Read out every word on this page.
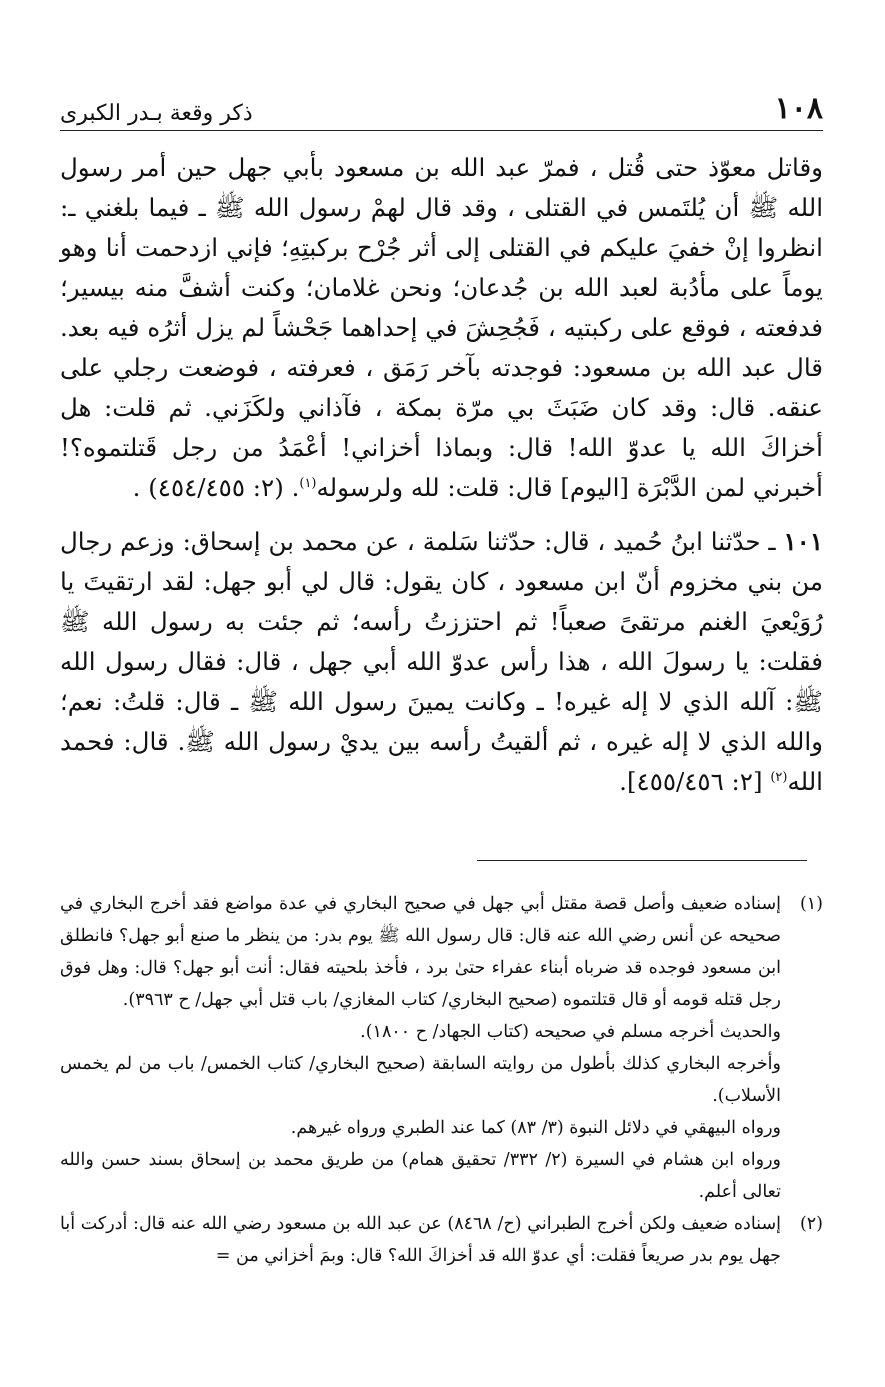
١٠٨
ذكر وقعة بـدر الكبرى

وقاتل معوّذ حتى قُتل ، فمرّ عبد الله بن مسعود بأبي جهل حين أمر رسول الله ﷺ أن يُلتَمس في القتلى ، وقد قال لهمْ رسول الله ﷺ ـ فيما بلغني ـ: انظروا إنْ خفيَ عليكم في القتلى إلى أثر جُرْح بركبتِهِ؛ فإني ازدحمت أنا وهو يوماً على مأدُبة لعبد الله بن جُدعان؛ ونحن غلامان؛ وكنت أشفَّ منه بيسير؛ فدفعته ، فوقع على ركبتيه ، فَجُحِشَ في إحداهما جَحْشاً لم يزل أثرُه فيه بعد. قال عبد الله بن مسعود: فوجدته بآخر رَمَق ، فعرفته ، فوضعت رجلي على عنقه. قال: وقد كان ضَبَثَ بي مرّة بمكة ، فآذاني ولكَزَني. ثم قلت: هل أخزاكَ الله يا عدوّ الله! قال: وبماذا أخزاني! أعْمَدُ من رجل قَتلتموه؟! أخبرني لمن الدَّبْرَة [اليوم] قال: قلت: لله ولرسوله$^{(١)}$. (٢: ٤٥٤/٤٥٥) .

١٠١ ـ حدّثنا ابنُ حُميد ، قال: حدّثنا سَلمة ، عن محمد بن إسحاق: وزعم رجال من بني مخزوم أنّ ابن مسعود ، كان يقول: قال لي أبو جهل: لقد ارتقيتَ يا رُوَيْعيَ الغنم مرتقىً صعباً! ثم احتززتُ رأسه؛ ثم جئت به رسول الله ﷺ فقلت: يا رسولَ الله ، هذا رأس عدوّ الله أبي جهل ، قال: فقال رسول الله ﷺ: آلله الذي لا إله غيره! ـ وكانت يمينَ رسول الله ﷺ ـ قال: قلتُ: نعم؛ والله الذي لا إله غيره ، ثم ألقيتُ رأسه بين يديْ رسول الله ﷺ. قال: فحمد الله$^{(٢)}$ [٢: ٤٥٥/٤٥٦].

(١)
إسناده ضعيف وأصل قصة مقتل أبي جهل في صحيح البخاري في عدة مواضع فقد أخرج البخاري في صحيحه عن أنس رضي الله عنه قال: قال رسول الله ﷺ يوم بدر: من ينظر ما صنع أبو جهل؟ فانطلق ابن مسعود فوجده قد ضرباه أبناء عفراء حتىٰ برد ، فأخذ بلحيته فقال: أنت أبو جهل؟ قال: وهل فوق رجل قتله قومه أو قال قتلتموه (صحيح البخاري/ كتاب المغازي/ باب قتل أبي جهل/ ح ٣٩٦٣).
والحديث أخرجه مسلم في صحيحه (كتاب الجهاد/ ح ١٨٠٠).
وأخرجه البخاري كذلك بأطول من روايته السابقة (صحيح البخاري/ كتاب الخمس/ باب من لم يخمس الأسلاب).
ورواه البيهقي في دلائل النبوة (٣/ ٨٣) كما عند الطبري ورواه غيرهم.
ورواه ابن هشام في السيرة (٢/ ٣٣٢/ تحقيق همام) من طريق محمد بن إسحاق بسند حسن والله تعالى أعلم.
(٢)
إسناده ضعيف ولكن أخرج الطبراني (ح/ ٨٤٦٨) عن عبد الله بن مسعود رضي الله عنه قال: أدركت أبا جهل يوم بدر صريعاً فقلت: أي عدوّ الله قد أخزاكَ الله؟ قال: وبمَ أخزاني من =
